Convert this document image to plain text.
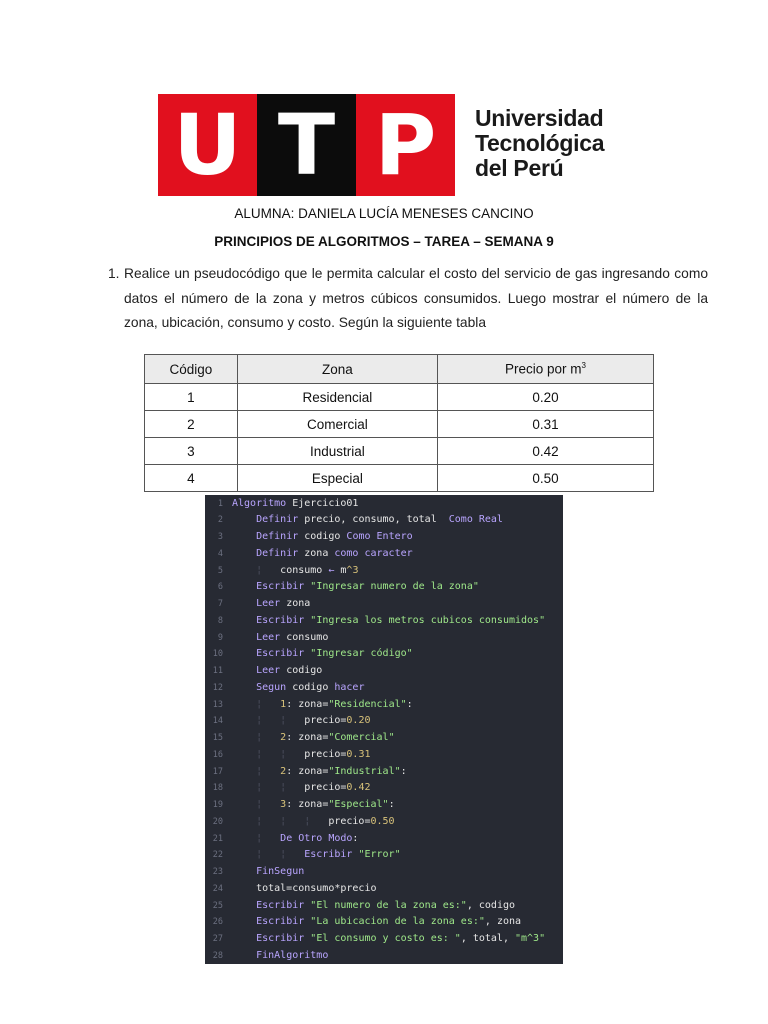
U T P Universidad
Tecnológica
del Perú
ALUMNA: DANIELA LUCÍA MENESES CANCINO
PRINCIPIOS DE ALGORITMOS – TAREA – SEMANA 9
1. Realice un pseudocódigo que le permita calcular el costo del servicio de gas ingresando como datos el número de la zona y metros cúbicos consumidos. Luego mostrar el número de la zona, ubicación, consumo y costo. Según la siguiente tabla
Código	Zona	Precio por $m^3$
1	Residencial	0.20
2	Comercial	0.31
3	Industrial	0.42
4	Especial	0.50
1 Algoritmo Ejercicio01
2	Definir precio, consumo, total  Como Real
3	Definir codigo Como Entero
4	Definir zona como caracter
5 ¦   consumo ← m^3
6	Escribir "Ingresar numero de la zona"
7	Leer zona
8	Escribir "Ingresa los metros cubicos consumidos"
9	Leer consumo
10	Escribir "Ingresar código"
11	Leer codigo
12	Segun codigo hacer
13 ¦   1: zona="Residencial":
14 ¦   ¦   precio=0.20
15 ¦   2: zona="Comercial"
16 ¦   ¦   precio=0.31
17 ¦   2: zona="Industrial":
18 ¦   ¦   precio=0.42
19 ¦   3: zona="Especial":
20 ¦   ¦   ¦   precio=0.50
21 ¦   De Otro Modo:
22 ¦   ¦   Escribir "Error"
23	FinSegun
24 total=consumo*precio
25	Escribir "El numero de la zona es:", codigo
26	Escribir "La ubicacion de la zona es:", zona
27	Escribir "El consumo y costo es: ", total, "m^3"
28	FinAlgoritmo
